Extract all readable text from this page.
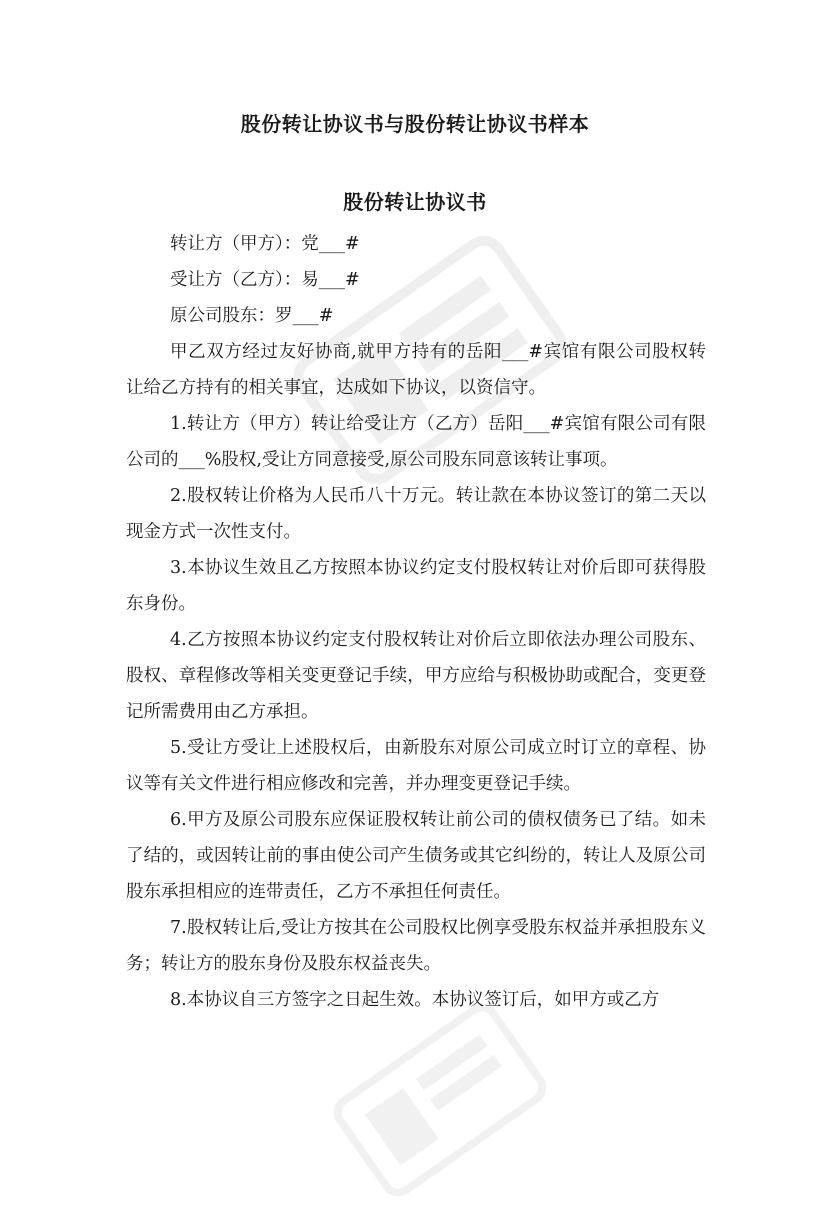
股份转让协议书与股份转让协议书样本
股份转让协议书
转让方（甲方）：党___#
受让方（乙方）：易___#
原公司股东：罗___#

甲乙双方经过友好协商,就甲方持有的岳阳___#宾馆有限公司股权转让给乙方持有的相关事宜，达成如下协议，以资信守。

1.转让方（甲方）转让给受让方（乙方）岳阳___#宾馆有限公司有限公司的___%股权,受让方同意接受,原公司股东同意该转让事项。

2.股权转让价格为人民币八十万元。转让款在本协议签订的第二天以现金方式一次性支付。

3.本协议生效且乙方按照本协议约定支付股权转让对价后即可获得股东身份。

4.乙方按照本协议约定支付股权转让对价后立即依法办理公司股东、股权、章程修改等相关变更登记手续，甲方应给与积极协助或配合，变更登记所需费用由乙方承担。

5.受让方受让上述股权后，由新股东对原公司成立时订立的章程、协议等有关文件进行相应修改和完善，并办理变更登记手续。

6.甲方及原公司股东应保证股权转让前公司的债权债务已了结。如未了结的，或因转让前的事由使公司产生债务或其它纠纷的，转让人及原公司股东承担相应的连带责任，乙方不承担任何责任。

7.股权转让后,受让方按其在公司股权比例享受股东权益并承担股东义务；转让方的股东身份及股东权益丧失。

8.本协议自三方签字之日起生效。本协议签订后，如甲方或乙方
